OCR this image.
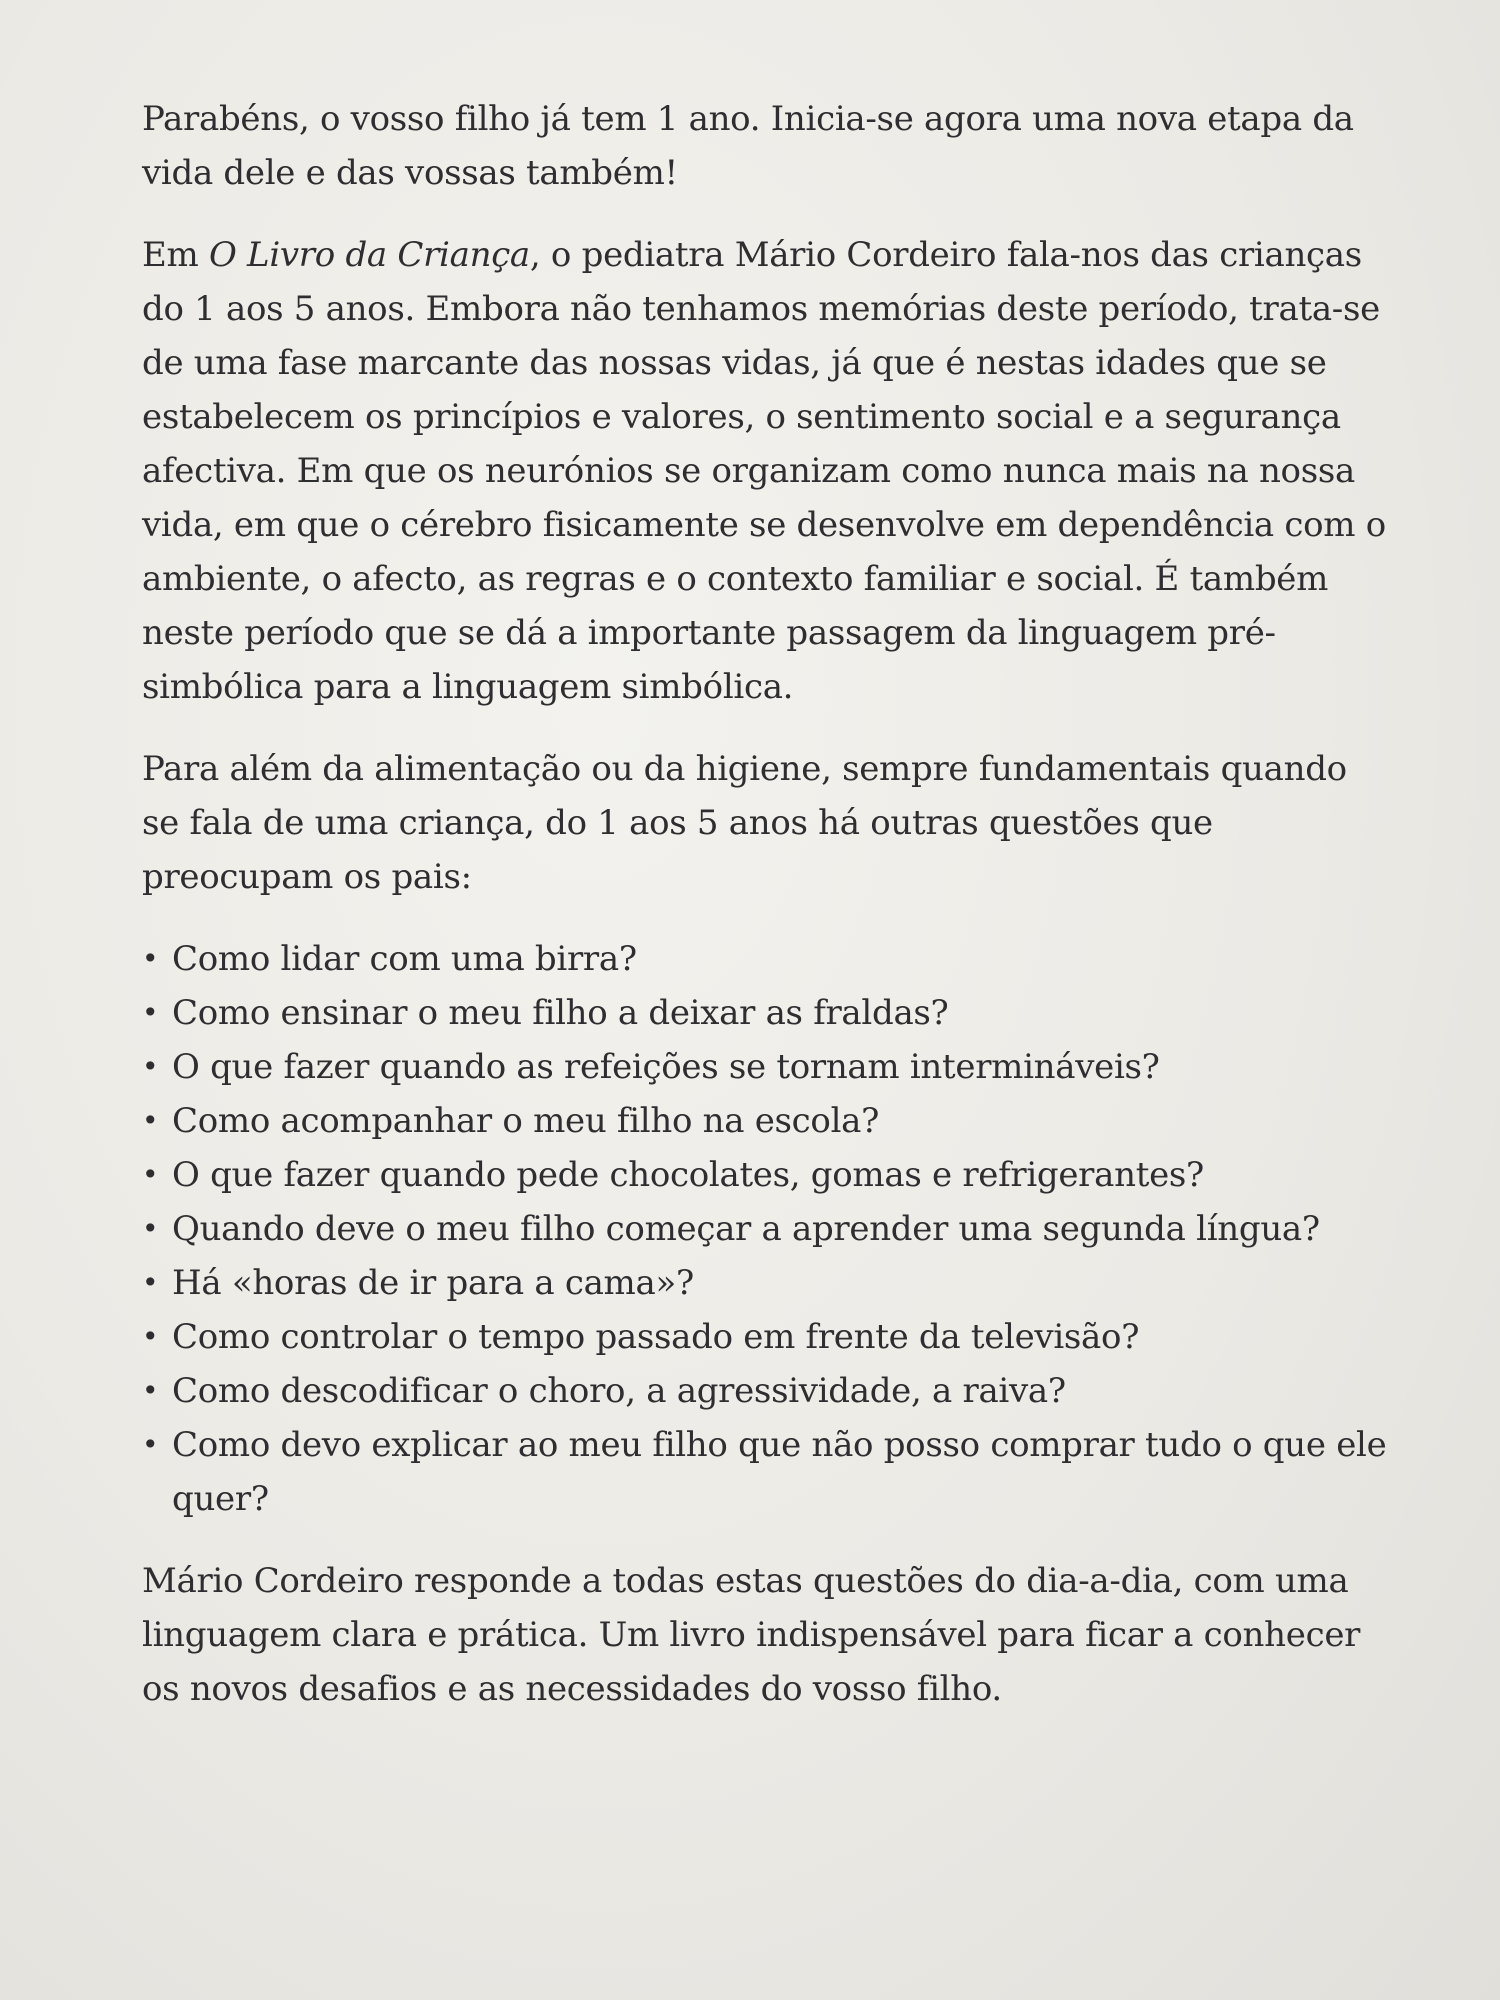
Parabéns, o vosso filho já tem 1 ano. Inicia-se agora uma nova etapa da vida dele e das vossas também!

Em O Livro da Criança, o pediatra Mário Cordeiro fala-nos das crianças do 1 aos 5 anos. Embora não tenhamos memórias deste período, trata-se de uma fase marcante das nossas vidas, já que é nestas idades que se estabelecem os princípios e valores, o sentimento social e a segurança afectiva. Em que os neurónios se organizam como nunca mais na nossa vida, em que o cérebro fisicamente se desenvolve em dependência com o ambiente, o afecto, as regras e o contexto familiar e social. É também neste período que se dá a importante passagem da linguagem pré-simbólica para a linguagem simbólica.

Para além da alimentação ou da higiene, sempre fundamentais quando se fala de uma criança, do 1 aos 5 anos há outras questões que preocupam os pais:

• Como lidar com uma birra?
• Como ensinar o meu filho a deixar as fraldas?
• O que fazer quando as refeições se tornam intermináveis?
• Como acompanhar o meu filho na escola?
• O que fazer quando pede chocolates, gomas e refrigerantes?
• Quando deve o meu filho começar a aprender uma segunda língua?
• Há «horas de ir para a cama»?
• Como controlar o tempo passado em frente da televisão?
• Como descodificar o choro, a agressividade, a raiva?
• Como devo explicar ao meu filho que não posso comprar tudo o que ele quer?

Mário Cordeiro responde a todas estas questões do dia-a-dia, com uma linguagem clara e prática. Um livro indispensável para ficar a conhecer os novos desafios e as necessidades do vosso filho.
